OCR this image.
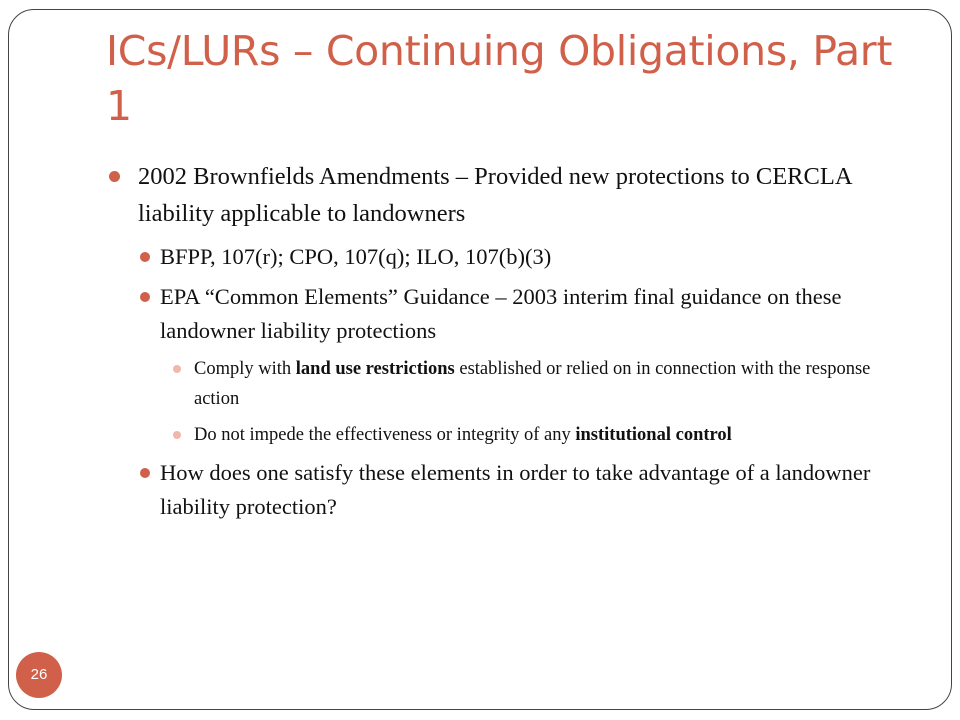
ICs/LURs – Continuing Obligations, Part 1
2002 Brownfields Amendments – Provided new protections to CERCLA liability applicable to landowners
BFPP, 107(r); CPO, 107(q); ILO, 107(b)(3)
EPA “Common Elements” Guidance – 2003 interim final guidance on these landowner liability protections
Comply with land use restrictions established or relied on in connection with the response action
Do not impede the effectiveness or integrity of any institutional control
How does one satisfy these elements in order to take advantage of a landowner liability protection?
26
